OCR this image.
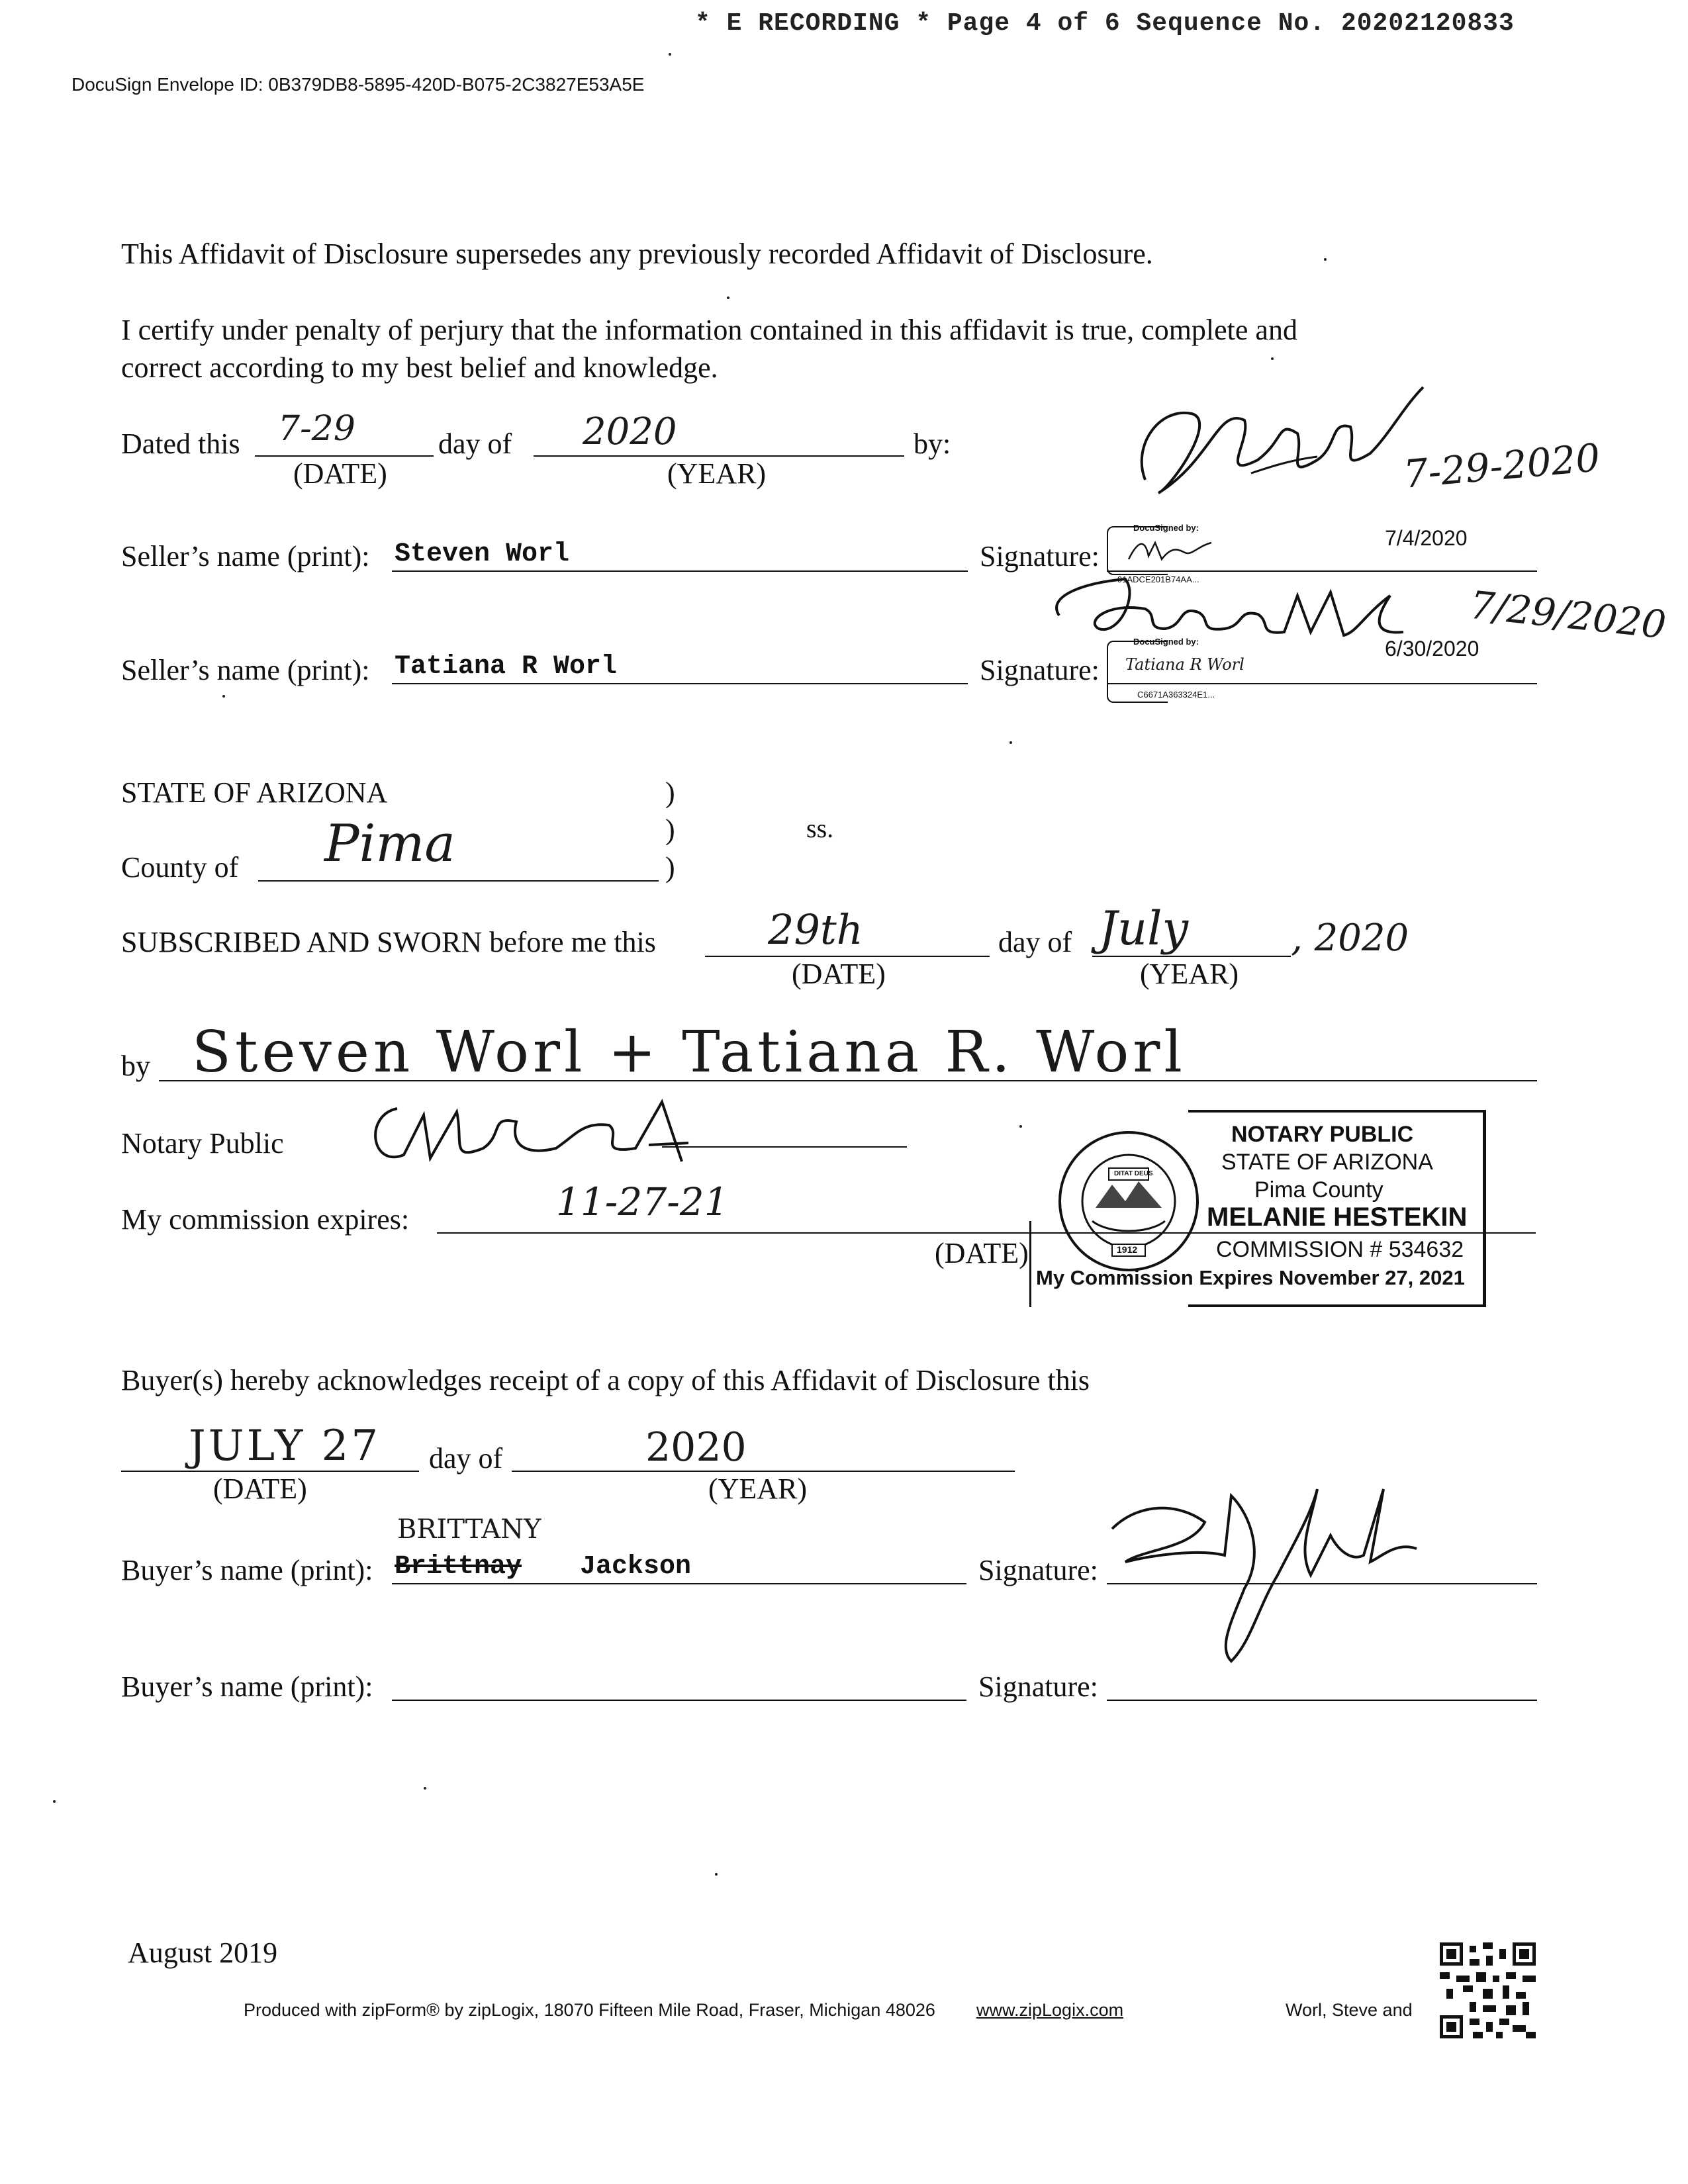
* E RECORDING * Page 4 of 6 Sequence No. 20202120833
DocuSign Envelope ID: 0B379DB8-5895-420D-B075-2C3827E53A5E
This Affidavit of Disclosure supersedes any previously recorded Affidavit of Disclosure.
I certify under penalty of perjury that the information contained in this affidavit is true, complete and
correct according to my best belief and knowledge.
Dated this 7-29
(DATE)
day of 2020
(YEAR)
by:	7-29-2020
Seller’s name (print): Steven Worl	Signature:
DocuSigned by:
91ADCE201B74AA...
7/4/2020
7/29/2020
Seller’s name (print): Tatiana R Worl	Signature:
DocuSigned by:
Tatiana R Worl
C6671A363324E1...
6/30/2020
STATE OF ARIZONA	)
)
)
ss.
County of Pima
SUBSCRIBED AND SWORN before me this	29th
(DATE)
day of July
(YEAR)
, 2020
by Steven Worl + Tatiana R. Worl
Notary Public
My commission expires:	11-27-21
(DATE)
DITAT DEUS
1912
NOTARY PUBLIC
STATE OF ARIZONA
Pima County
MELANIE HESTEKIN
COMMISSION # 534632
My Commission Expires November 27, 2021
Buyer(s) hereby acknowledges receipt of a copy of this Affidavit of Disclosure this
JULY 27
(DATE)
day of	2020
(YEAR)
Buyer’s name (print):
BRITTANY
Brittnay Jackson	Signature:
Buyer’s name (print):	Signature:
August 2019
Produced with zipForm® by zipLogix, 18070 Fifteen Mile Road, Fraser, Michigan 48026 www.zipLogix.com	Worl, Steve and
